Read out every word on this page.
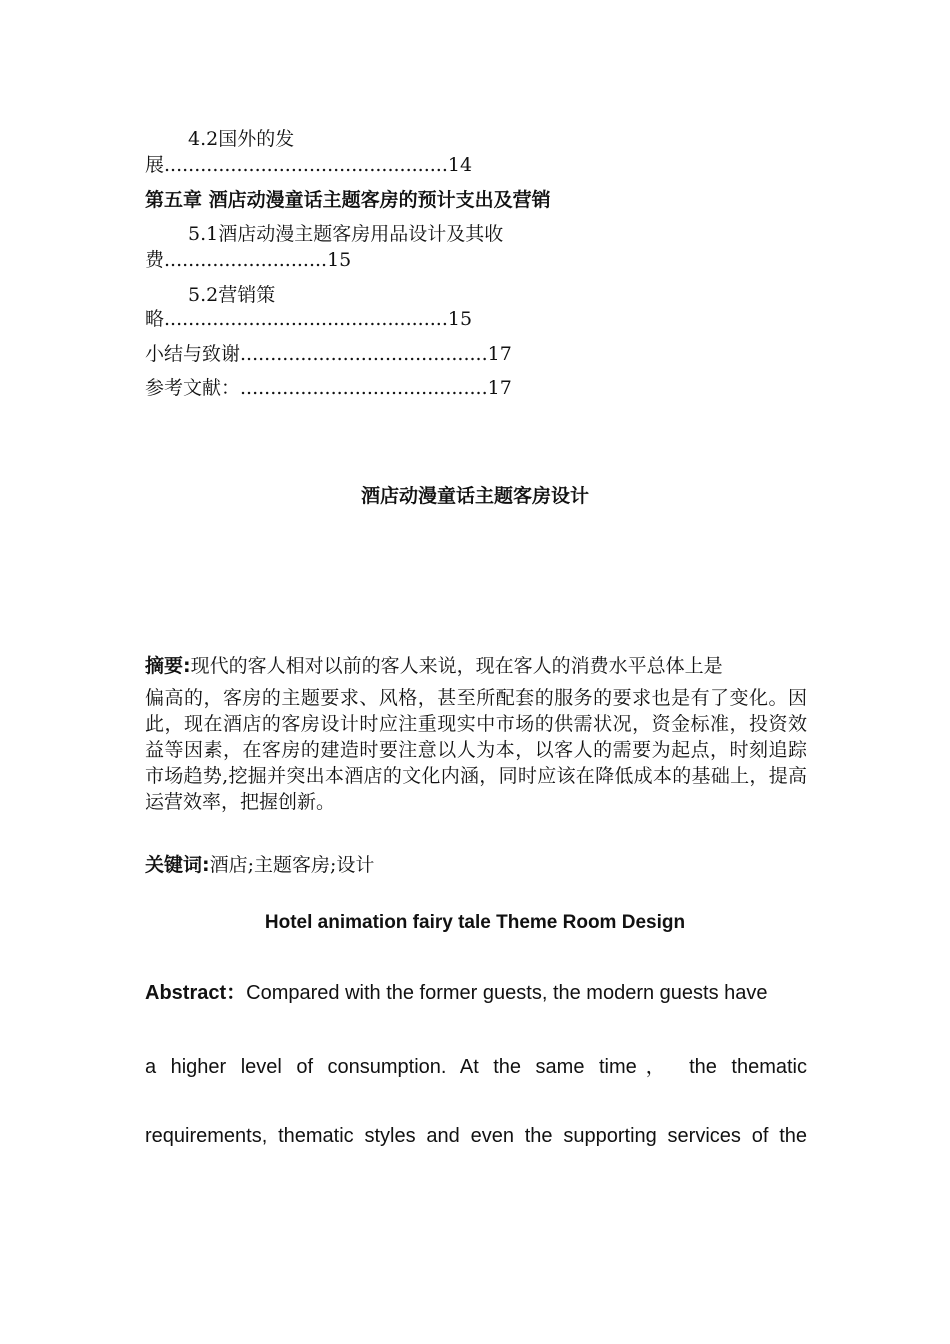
4.2国外的发
展...............................................14
第五章 酒店动漫童话主题客房的预计支出及营销
5.1酒店动漫主题客房用品设计及其收
费...........................15
5.2营销策
略...............................................15
小结与致谢.........................................17
参考文献：.........................................17
酒店动漫童话主题客房设计
摘要:现代的客人相对以前的客人来说，现在客人的消费水平总体上是
偏高的，客房的主题要求、风格，甚至所配套的服务的要求也是有了变化。因此，现在酒店的客房设计时应注重现实中市场的供需状况，资金标准，投资效益等因素，在客房的建造时要注意以人为本，以客人的需要为起点，时刻追踪市场趋势,挖掘并突出本酒店的文化内涵，同时应该在降低成本的基础上，提高运营效率，把握创新。
关键词:酒店;主题客房;设计
Hotel animation fairy tale Theme Room Design
Abstract：Compared with the former guests, the modern guests have
a higher level of consumption. At the same time， the thematic
requirements, thematic styles and even the supporting services of the
